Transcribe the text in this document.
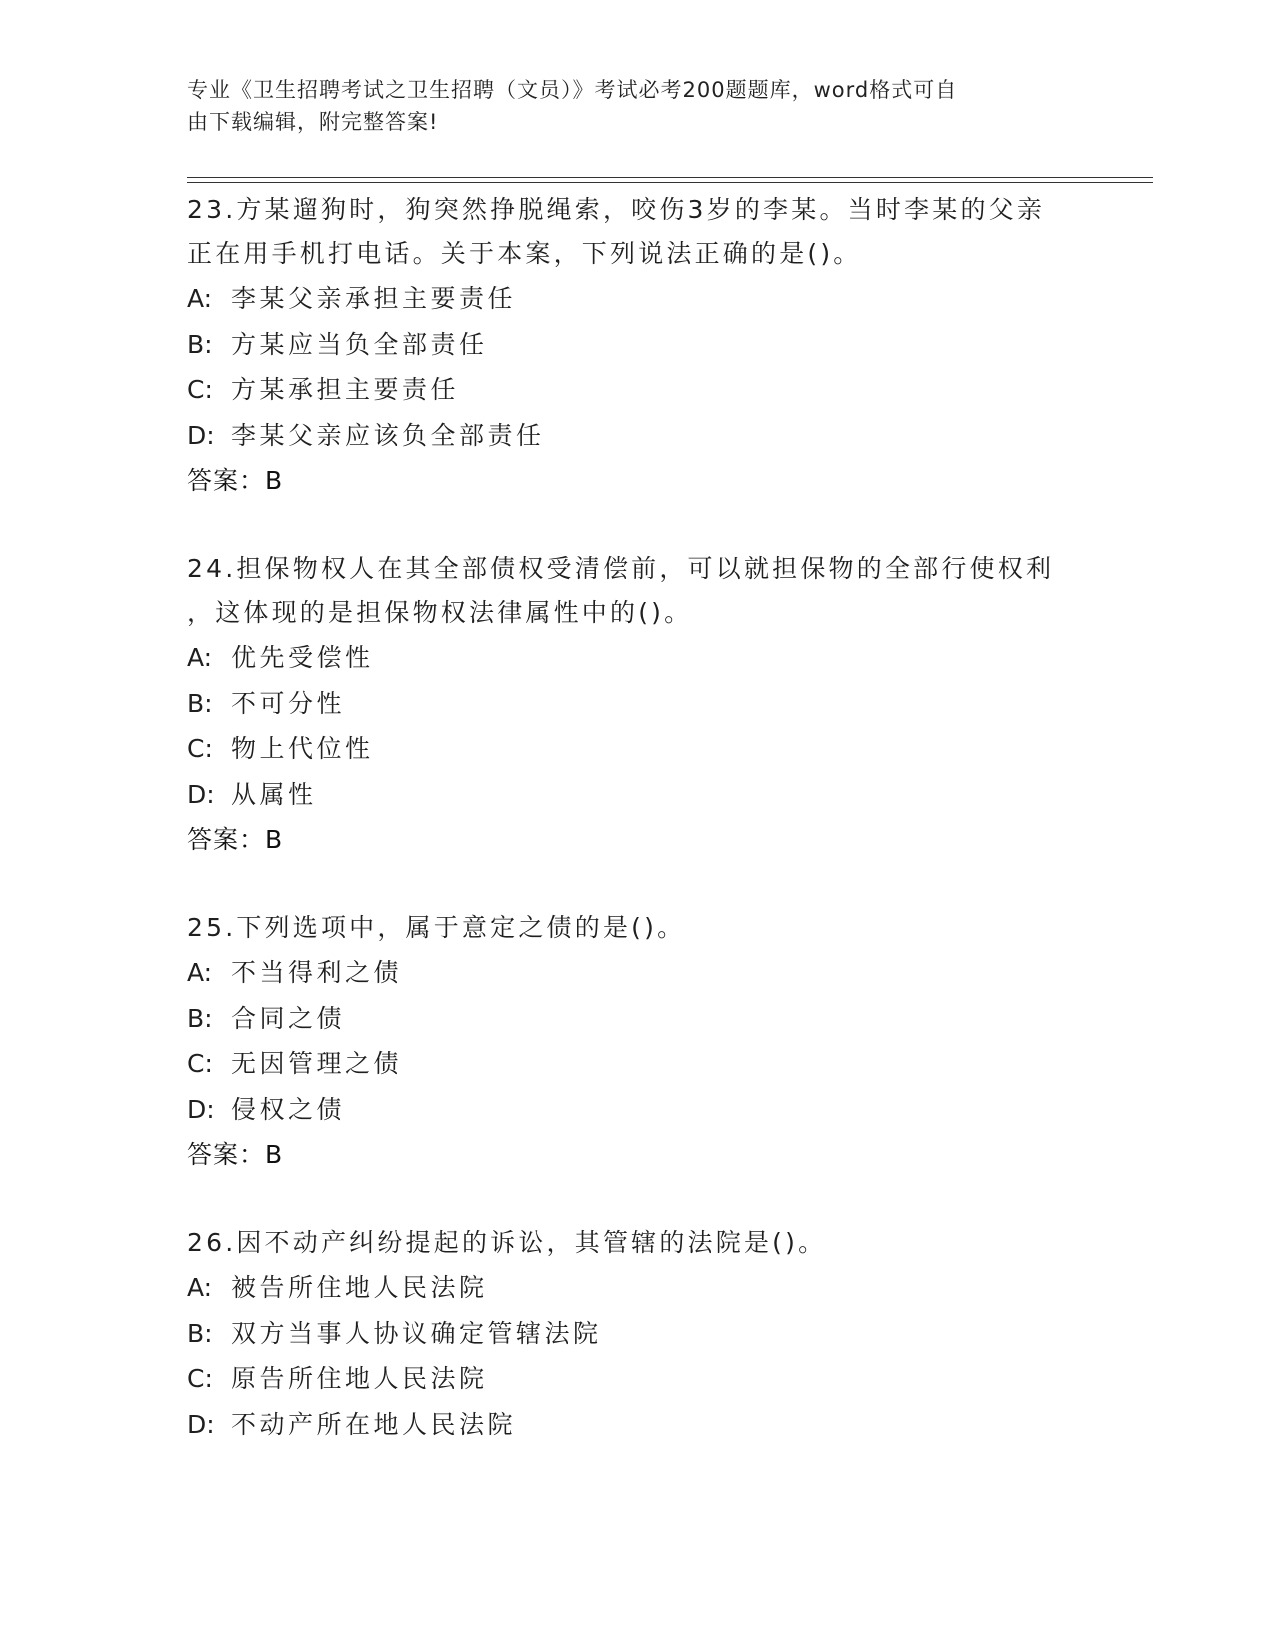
专业《卫生招聘考试之卫生招聘（文员）》考试必考200题题库，word格式可自
由下载编辑，附完整答案!
23.方某遛狗时，狗突然挣脱绳索，咬伤3岁的李某。当时李某的父亲
正在用手机打电话。关于本案，下列说法正确的是()。
A: 李某父亲承担主要责任
B: 方某应当负全部责任
C: 方某承担主要责任
D: 李某父亲应该负全部责任
答案：B
24.担保物权人在其全部债权受清偿前，可以就担保物的全部行使权利
，这体现的是担保物权法律属性中的()。
A: 优先受偿性
B: 不可分性
C: 物上代位性
D: 从属性
答案：B
25.下列选项中，属于意定之债的是()。
A: 不当得利之债
B: 合同之债
C: 无因管理之债
D: 侵权之债
答案：B
26.因不动产纠纷提起的诉讼，其管辖的法院是()。
A: 被告所住地人民法院
B: 双方当事人协议确定管辖法院
C: 原告所住地人民法院
D: 不动产所在地人民法院
